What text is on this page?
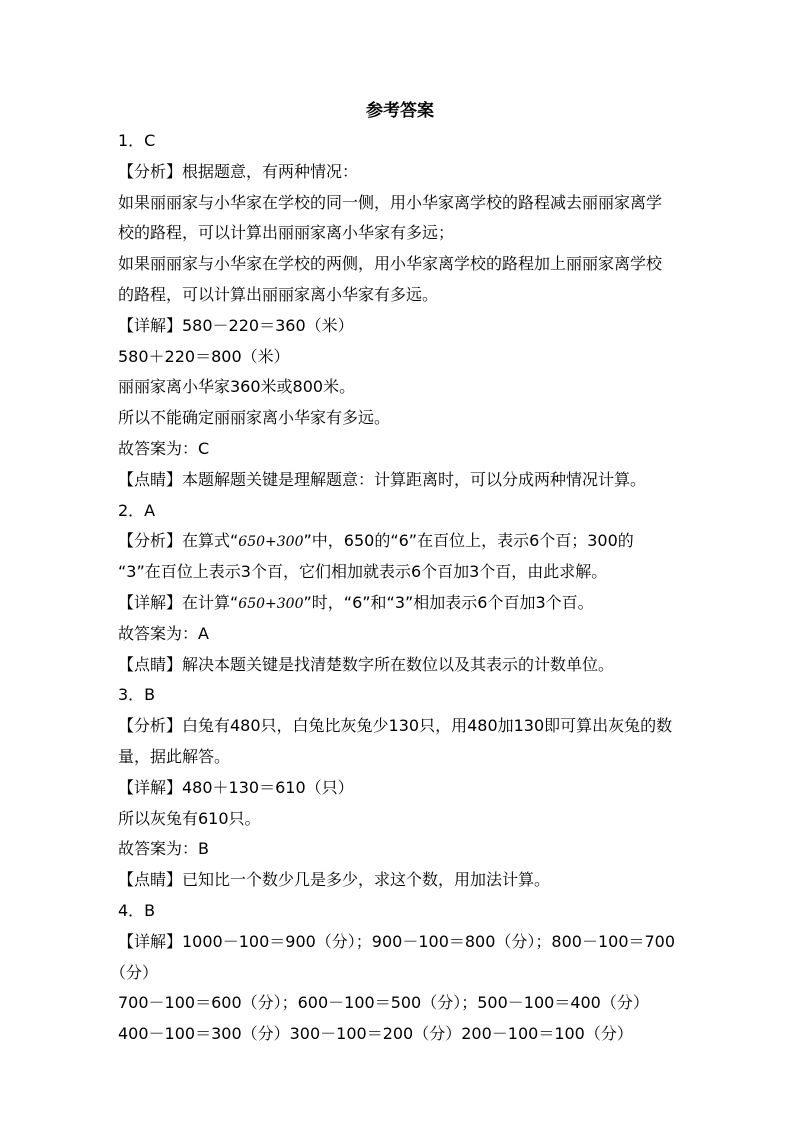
参考答案
1．C
【分析】根据题意，有两种情况：
如果丽丽家与小华家在学校的同一侧，用小华家离学校的路程减去丽丽家离学
校的路程，可以计算出丽丽家离小华家有多远；
如果丽丽家与小华家在学校的两侧，用小华家离学校的路程加上丽丽家离学校
的路程，可以计算出丽丽家离小华家有多远。
【详解】580－220＝360（米）
580＋220＝800（米）
丽丽家离小华家360米或800米。
所以不能确定丽丽家离小华家有多远。
故答案为：C
【点睛】本题解题关键是理解题意：计算距离时，可以分成两种情况计算。
2．A
【分析】在算式“650+300”中，650的“6”在百位上，表示6个百；300的
“3”在百位上表示3个百，它们相加就表示6个百加3个百，由此求解。
【详解】在计算“650+300”时，“6”和“3”相加表示6个百加3个百。
故答案为：A
【点睛】解决本题关键是找清楚数字所在数位以及其表示的计数单位。
3．B
【分析】白兔有480只，白兔比灰兔少130只，用480加130即可算出灰兔的数
量，据此解答。
【详解】480＋130＝610（只）
所以灰兔有610只。
故答案为：B
【点睛】已知比一个数少几是多少，求这个数，用加法计算。
4．B
【详解】1000－100＝900（分）；900－100＝800（分）；800－100＝700
（分）
700－100＝600（分）；600－100＝500（分）；500－100＝400（分）
400－100＝300（分）300－100＝200（分）200－100＝100（分）
